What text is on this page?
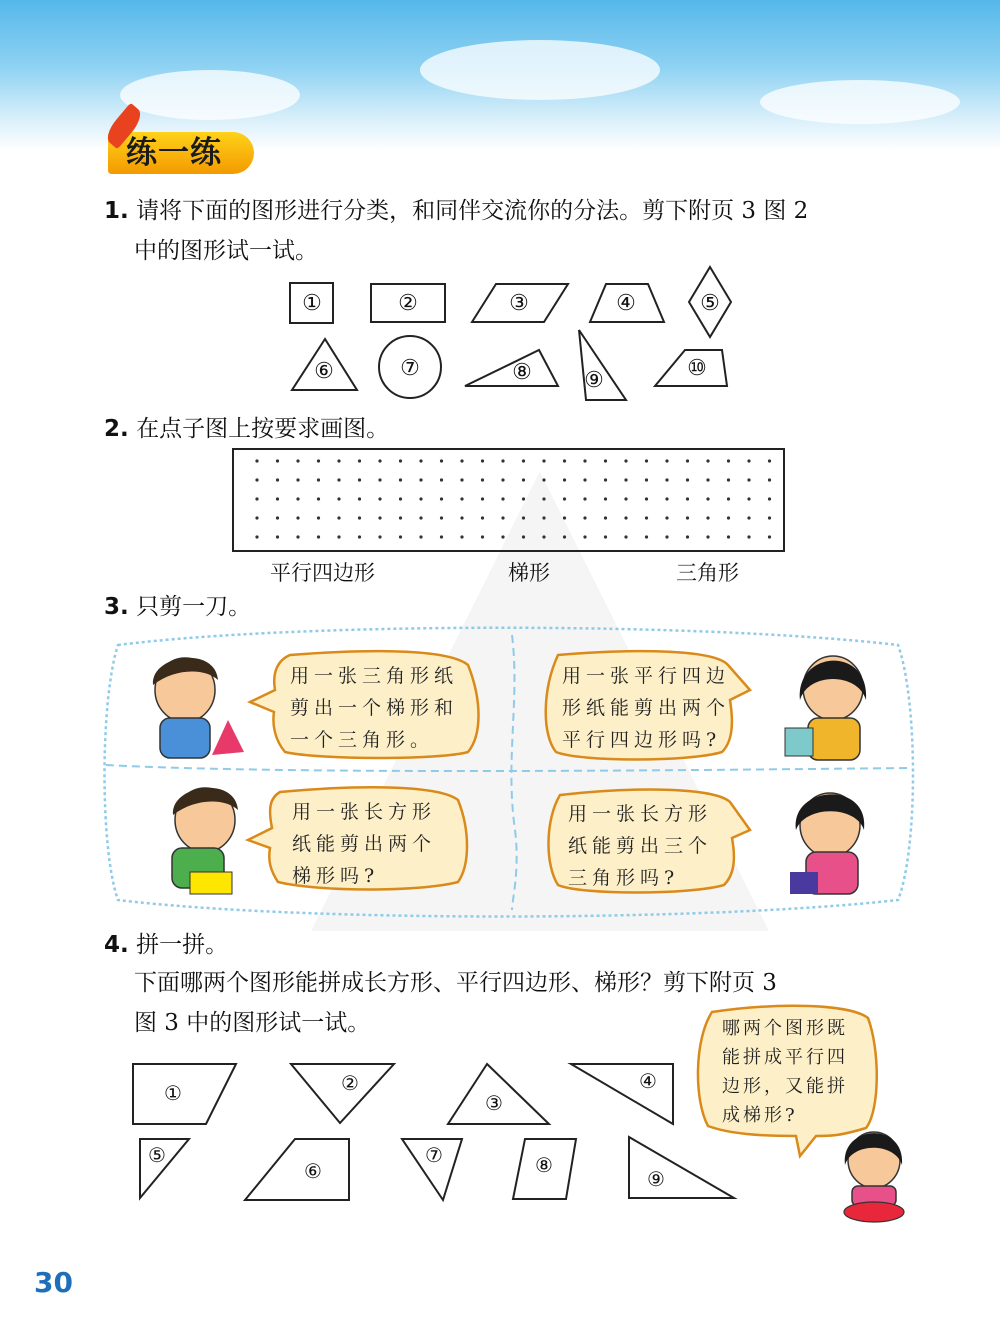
练一练
1. 请将下面的图形进行分类，和同伴交流你的分法。剪下附页 3 图 2
中的图形试一试。
①	②	③	④	⑤
⑥	⑦	⑧ ⑨	⑩
①	②
③
④
⑤
⑥
⑦	⑧
⑨
2. 在点子图上按要求画图。
平行四边形	梯形	三角形
3. 只剪一刀。
用一张三角形纸
剪出一个梯形和
一个三角形。
用一张平行四边
形纸能剪出两个
平行四边形吗?
用一张长方形
纸能剪出两个
梯形吗?
用一张长方形
纸能剪出三个
三角形吗?
4. 拼一拼。
下面哪两个图形能拼成长方形、平行四边形、梯形？剪下附页 3
图 3 中的图形试一试。	哪两个图形既
能拼成平行四
边形，又能拼
成梯形?
30
